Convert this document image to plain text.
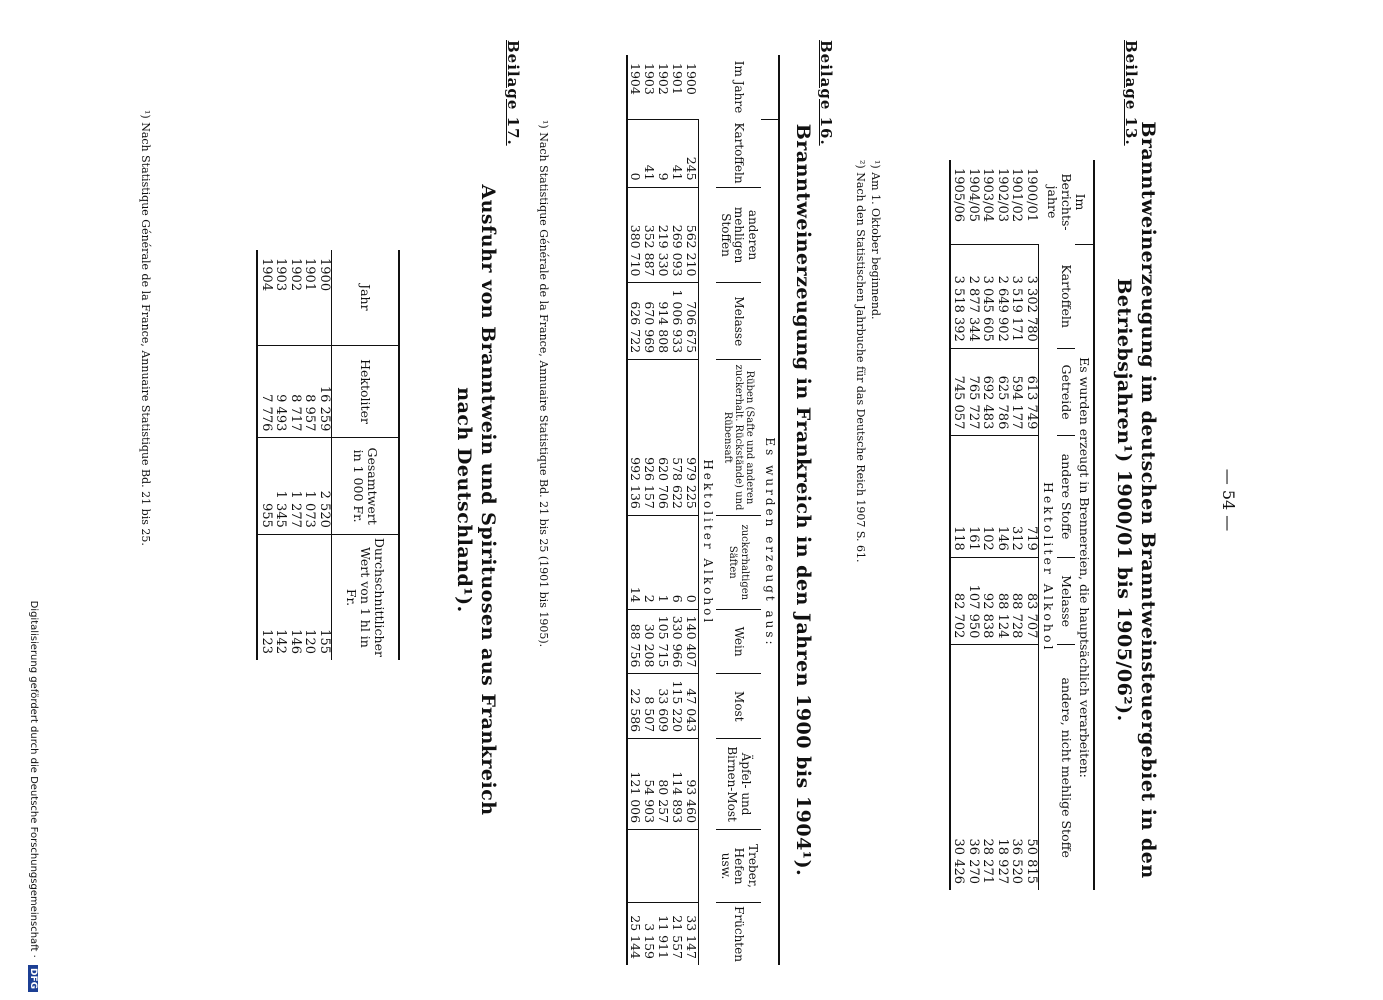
— 54 —
Beilage 13.
Branntweinerzeugung im deutschen Branntweinsteuergebiet in den
Betriebsjahren¹) 1900/01 bis 1905/06²).
Im Berichts-jahre	Es wurden erzeugt in Brennereien, die hauptsächlich verarbeiten:				
	Kartoffeln	Getreide	andere Stoffe	Melasse	andere, nicht mehlige Stoffe
	Hektoliter Alkohol				
1900/01	3 302 780	613 749	719	83 707	50 815
1901/02	3 519 171	594 177	312	88 728	36 520
1902/03	2 649 902	625 786	146	88 124	18 927
1903/04	3 045 605	692 483	102	92 838	28 271
1904/05	2 877 344	765 727	161	107 950	36 270
1905/06	3 518 392	745 057	118	82 702	30 426
¹) Am 1. Oktober beginnend.
²) Nach den Statistischen Jahrbuche für das Deutsche Reich 1907 S. 61.
Beilage 16.
Branntweinerzeugung in Frankreich in den Jahren 1900 bis 1904¹).
Im Jahre	Es wurden erzeugt aus:									
	Kartoffeln	anderen mehligen Stoffen	Melasse	Rüben (Safte und anderen zuckerhalt. Rückstände) und Rübensaft	zuckerhaltigen Säften	Wein	Most	Äpfel- und Birnen-Most	Treber, Hefen usw.	Früchten
	Hektoliter Alkohol									
1900	245	562 210	706 675	979 225	0	140 407	47 043	93 460		33 147
1901	41	269 093	1 006 933	578 622	6	330 966	115 220	114 893		21 557
1902	9	219 330	914 808	620 706	1	105 715	33 609	80 257		11 911
1903	41	352 887	670 969	926 157	2	30 208	8 507	54 903		3 159
1904	0	380 710	626 722	992 136	14	88 756	22 586	121 006		25 144
¹) Nach Statistique Générale de la France, Annuaire Statistique Bd. 21 bis 25 (1901 bis 1905).
Beilage 17.
Ausfuhr von Branntwein und Spirituosen aus Frankreich
nach Deutschland¹).
Jahr	Hektoliter	Gesamtwert in 1 000 Fr.	Durchschnittlicher Wert von 1 hl in Fr.
1900	16 259	2 520	155
1901	8 957	1 073	120
1902	8 717	1 277	146
1903	9 493	1 345	142
1904	7 776	955	123
¹) Nach Statistique Générale de la France, Annuaire Statistique Bd. 21 bis 25.
Digitalisierung gefördert durch die Deutsche Forschungsgemeinschaft · DFG
